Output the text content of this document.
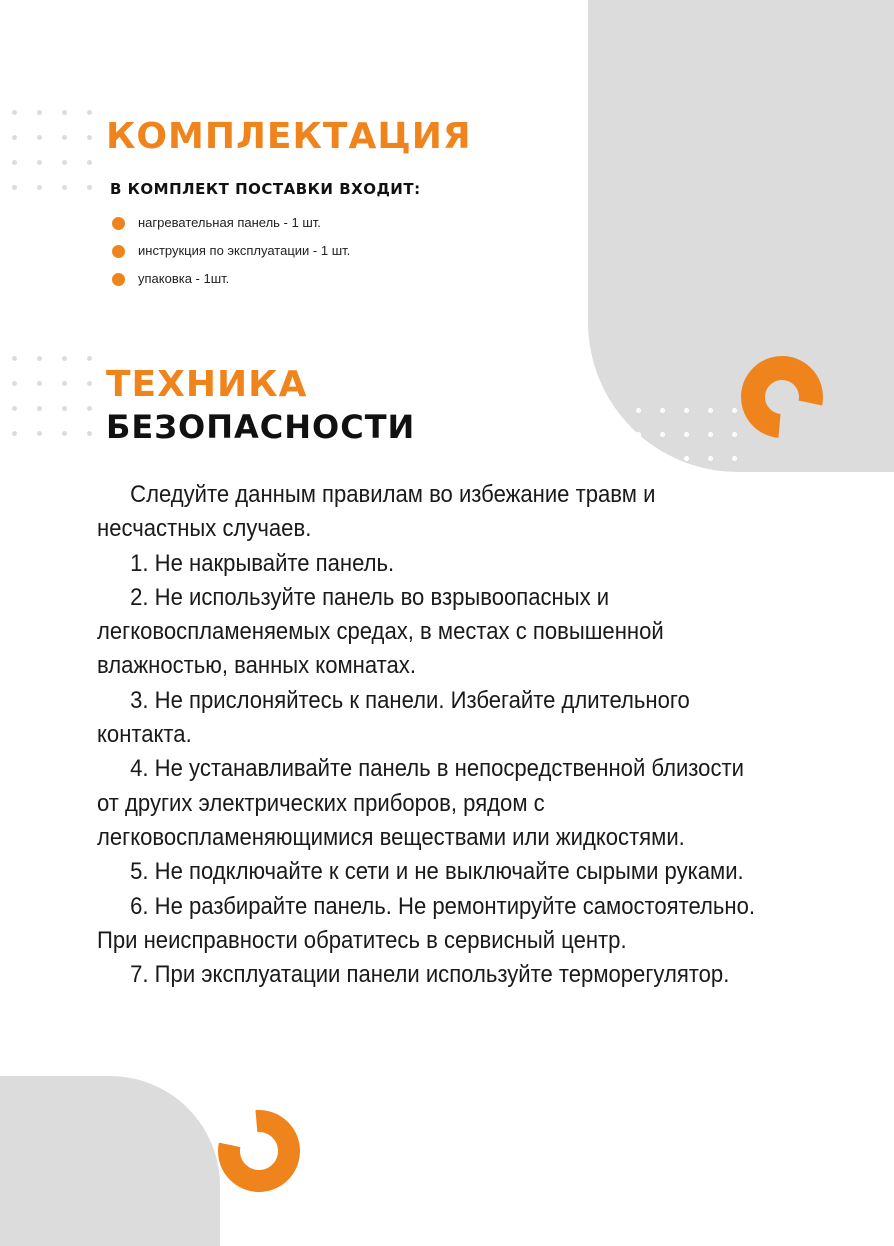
КОМПЛЕКТАЦИЯ
В КОМПЛЕКТ ПОСТАВКИ ВХОДИТ:
нагревательная панель - 1 шт.
инструкция по эксплуатации - 1 шт.
упаковка - 1шт.
ТЕХНИКА
БЕЗОПАСНОСТИ

Следуйте данным правилам во избежание травм и несчастных случаев.

1. Не накрывайте панель.

2. Не используйте панель во взрывоопасных и легковоспламеняемых средах, в местах с повышенной влажностью, ванных комнатах.

3. Не прислоняйтесь к панели. Избегайте длительного контакта.

4. Не устанавливайте панель в непосредственной близости от других электрических приборов, рядом с легковоспламеняющимися веществами или жидкостями.

5. Не подключайте к сети и не выключайте сырыми руками.

6. Не разбирайте панель. Не ремонтируйте самостоятельно. При неисправности обратитесь в сервисный центр.

7. При эксплуатации панели используйте терморегулятор.
